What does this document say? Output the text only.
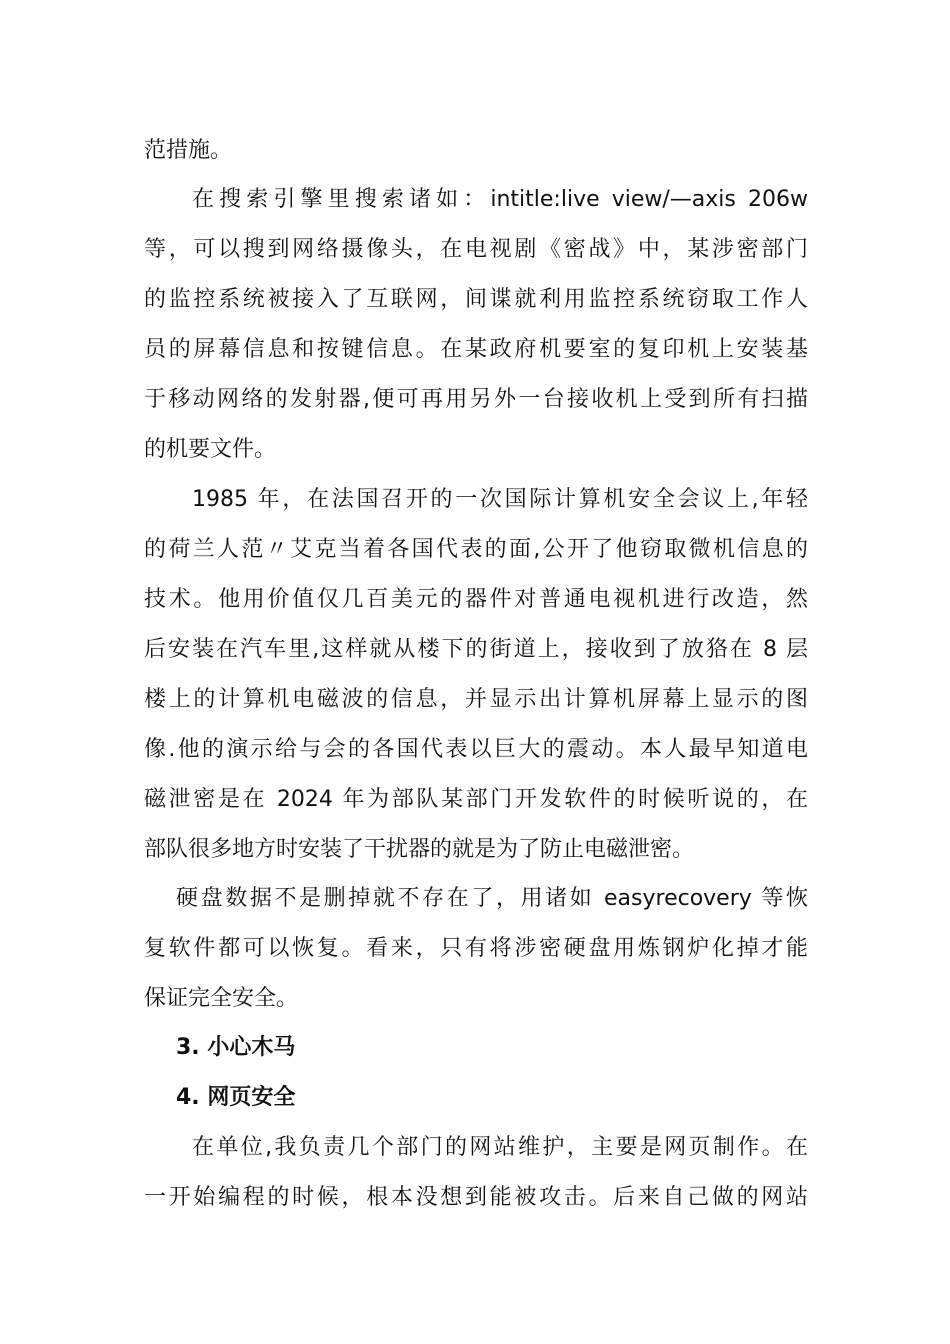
范措施。
在搜索引擎里搜索诸如：intitle:live view/—axis 206w
等，可以搜到网络摄像头，在电视剧《密战》中，某涉密部门
的监控系统被接入了互联网，间谍就利用监控系统窃取工作人
员的屏幕信息和按键信息。在某政府机要室的复印机上安装基
于移动网络的发射器,便可再用另外一台接收机上受到所有扫描
的机要文件。
1985 年，在法国召开的一次国际计算机安全会议上,年轻
的荷兰人范〃艾克当着各国代表的面,公开了他窃取微机信息的
技术。他用价值仅几百美元的器件对普通电视机进行改造，然
后安装在汽车里,这样就从楼下的街道上，接收到了放狢在 8 层
楼上的计算机电磁波的信息，并显示出计算机屏幕上显示的图
像.他的演示给与会的各国代表以巨大的震动。本人最早知道电
磁泄密是在 2024 年为部队某部门开发软件的时候听说的，在
部队很多地方时安装了干扰器的就是为了防止电磁泄密。
硬盘数据不是删掉就不存在了，用诸如 easyrecovery 等恢
复软件都可以恢复。看来，只有将涉密硬盘用炼钢炉化掉才能
保证完全安全。
3. 小心木马
4. 网页安全
在单位,我负责几个部门的网站维护，主要是网页制作。在
一开始编程的时候，根本没想到能被攻击。后来自己做的网站
